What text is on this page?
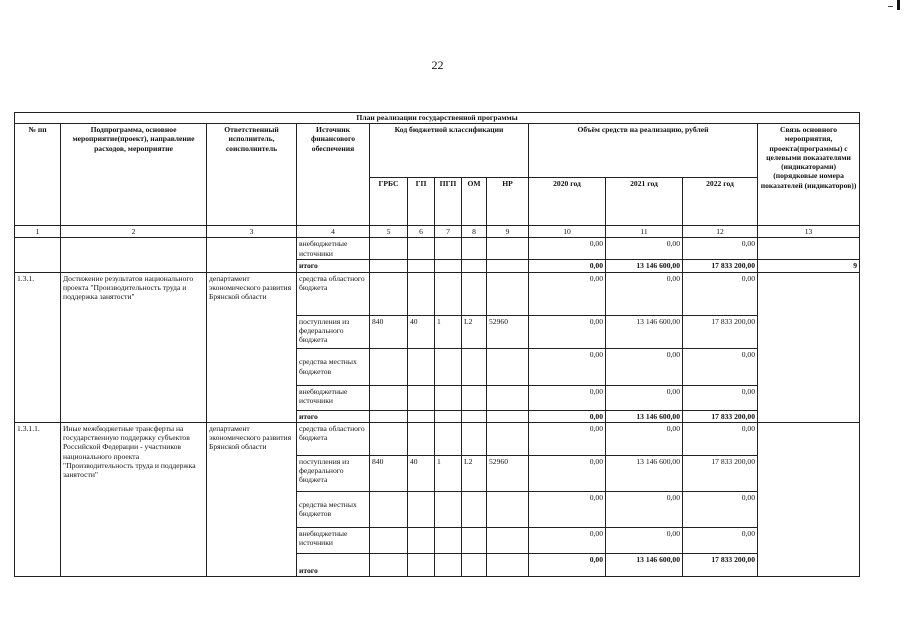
22
План реализации государственной программы												
№ пп	Подпрограмма, основное мероприятие(проект), направление расходов, мероприятие	Ответственный исполнитель, соисполнитель	Источник финансового обеспечения	Код бюджетной классификации					Объём средств на реализацию, рублей			Связь основного мероприятия, проекта(программы) с целевыми показателями (индикаторами) (порядковые номера показателей (индикаторов))
				ГРБС	ГП	ПГП	ОМ	НР	2020 год	2021 год	2022 год	
1	2	3	4	5	6	7	8	9	10	11	12	13
			внебюджетные источники						0,00	0,00	0,00	
			итого						0,00	13 146 600,00	17 833 200,00	9
1.3.1.	Достижение результатов национального проекта "Производительность труда и поддержка занятости"	департамент экономического развития Брянской области	средства областного бюджета						0,00	0,00	0,00	
			поступления из федерального бюджета	840	40	1	L2	52960	0,00	13 146 600,00	17 833 200,00	
			средства местных бюджетов						0,00	0,00	0,00	
			внебюджетные источники						0,00	0,00	0,00	
			итого						0,00	13 146 600,00	17 833 200,00	
1.3.1.1.	Иные межбюджетные трансферты на государственную поддержку субъектов Российской Федерации - участников национального проекта "Производительность труда и поддержка занятости"	департамент экономического развития Брянской области	средства областного бюджета						0,00	0,00	0,00	
			поступления из федерального бюджета	840	40	1	L2	52960	0,00	13 146 600,00	17 833 200,00	
			средства местных бюджетов						0,00	0,00	0,00	
			внебюджетные источники						0,00	0,00	0,00	
			итого						0,00	13 146 600,00	17 833 200,00	
